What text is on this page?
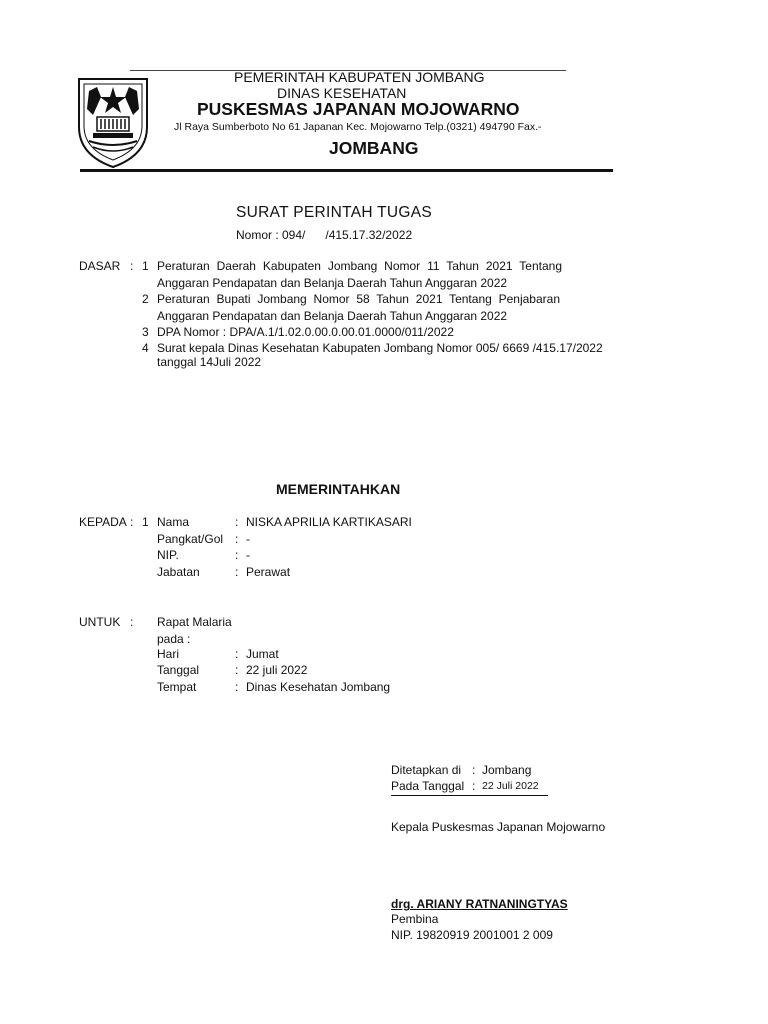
PEMERINTAH KABUPATEN JOMBANG
DINAS KESEHATAN
PUSKESMAS JAPANAN MOJOWARNO
Jl Raya Sumberboto No 61 Japanan Kec. Mojowarno Telp.(0321) 494790 Fax.-
JOMBANG
SURAT PERINTAH TUGAS
Nomor : 094/      /415.17.32/2022
DASAR : 1 Peraturan Daerah Kabupaten Jombang Nomor 11 Tahun 2021 Tentang
Anggaran Pendapatan dan Belanja Daerah Tahun Anggaran 2022
2 Peraturan Bupati Jombang Nomor 58 Tahun 2021 Tentang Penjabaran
Anggaran Pendapatan dan Belanja Daerah Tahun Anggaran 2022
3 DPA Nomor : DPA/A.1/1.02.0.00.0.00.01.0000/011/2022
4 Surat kepala Dinas Kesehatan Kabupaten Jombang Nomor 005/ 6669 /415.17/2022
tanggal 14Juli 2022
MEMERINTAHKAN
KEPADA : 1 Nama	: NISKA APRILIA KARTIKASARI
Pangkat/Gol : -
NIP.	: -
Jabatan	: Perawat
UNTUK : Rapat Malaria
pada :
Hari	: Jumat
Tanggal	: 22 juli 2022
Tempat	: Dinas Kesehatan Jombang
Ditetapkan di : Jombang
Pada Tanggal : 22 Juli 2022
Kepala Puskesmas Japanan Mojowarno
drg. ARIANY RATNANINGTYAS
Pembina
NIP. 19820919 2001001 2 009
